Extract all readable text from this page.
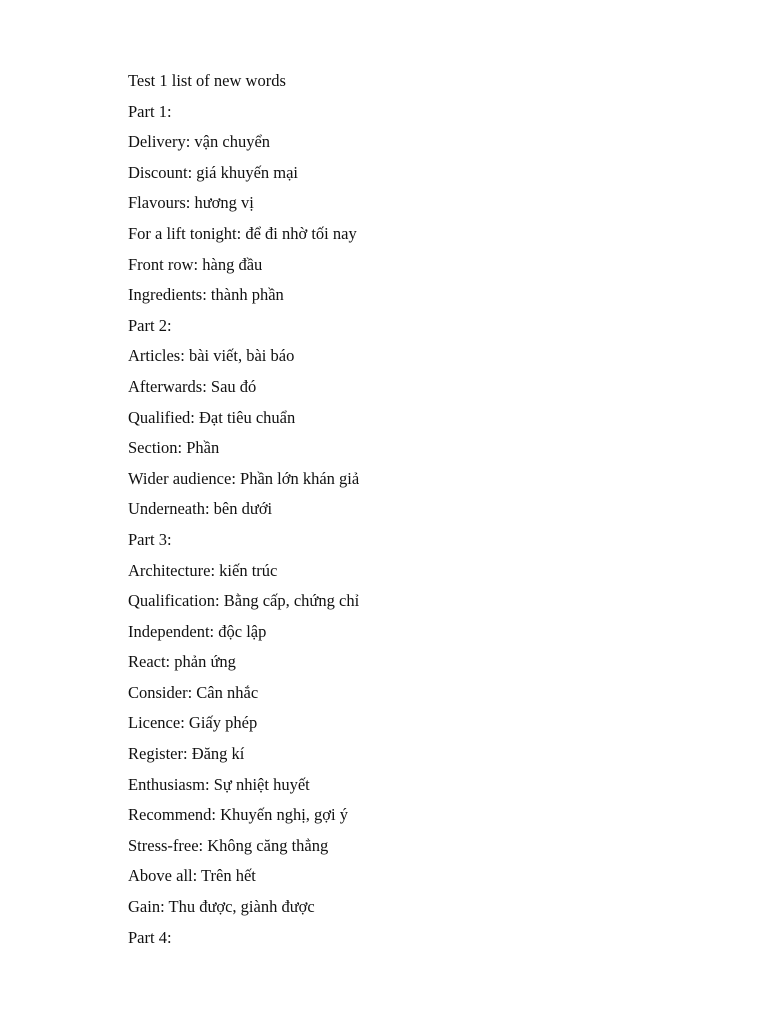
Test 1 list of new words
Part 1:
Delivery: vận chuyển
Discount: giá khuyến mại
Flavours: hương vị
For a lift tonight: để đi nhờ tối nay
Front row: hàng đầu
Ingredients: thành phần
Part 2:
Articles: bài viết, bài báo
Afterwards: Sau đó
Qualified: Đạt tiêu chuẩn
Section: Phần
Wider audience: Phần lớn khán giả
Underneath: bên dưới
Part 3:
Architecture: kiến trúc
Qualification: Bằng cấp, chứng chỉ
Independent: độc lập
React: phản ứng
Consider: Cân nhắc
Licence: Giấy phép
Register: Đăng kí
Enthusiasm: Sự nhiệt huyết
Recommend: Khuyến nghị, gợi ý
Stress-free: Không căng thẳng
Above all: Trên hết
Gain: Thu được, giành được
Part 4:
